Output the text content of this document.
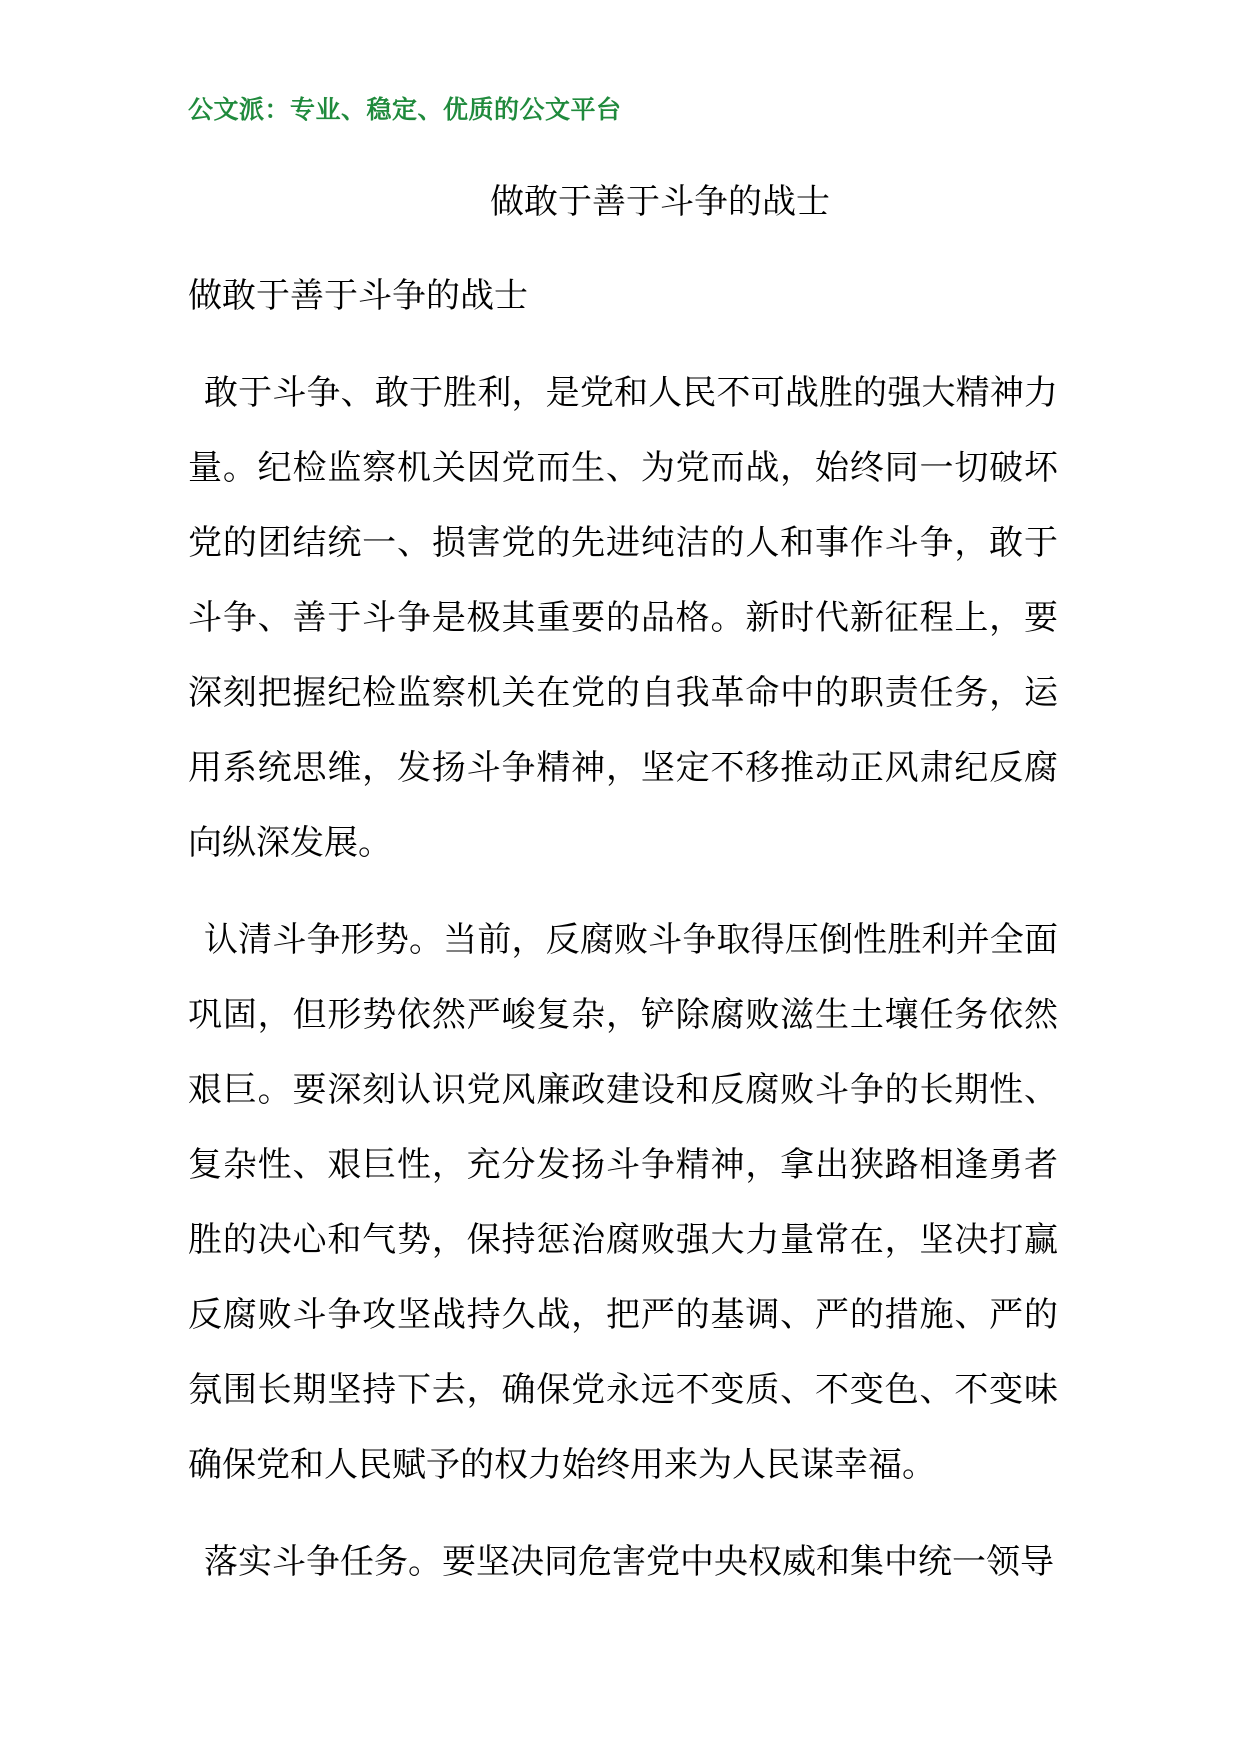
公文派：专业、稳定、优质的公文平台
做敢于善于斗争的战士
做敢于善于斗争的战士

敢于斗争、敢于胜利，是党和人民不可战胜的强大精神力量。纪检监察机关因党而生、为党而战，始终同一切破坏党的团结统一、损害党的先进纯洁的人和事作斗争，敢于斗争、善于斗争是极其重要的品格。新时代新征程上，要深刻把握纪检监察机关在党的自我革命中的职责任务，运用系统思维，发扬斗争精神，坚定不移推动正风肃纪反腐向纵深发展。

认清斗争形势。当前，反腐败斗争取得压倒性胜利并全面巩固，但形势依然严峻复杂，铲除腐败滋生土壤任务依然艰巨。要深刻认识党风廉政建设和反腐败斗争的长期性、复杂性、艰巨性，充分发扬斗争精神，拿出狭路相逢勇者胜的决心和气势，保持惩治腐败强大力量常在，坚决打赢反腐败斗争攻坚战持久战，把严的基调、严的措施、严的氛围长期坚持下去，确保党永远不变质、不变色、不变味确保党和人民赋予的权力始终用来为人民谋幸福。

落实斗争任务。要坚决同危害党中央权威和集中统一领导
